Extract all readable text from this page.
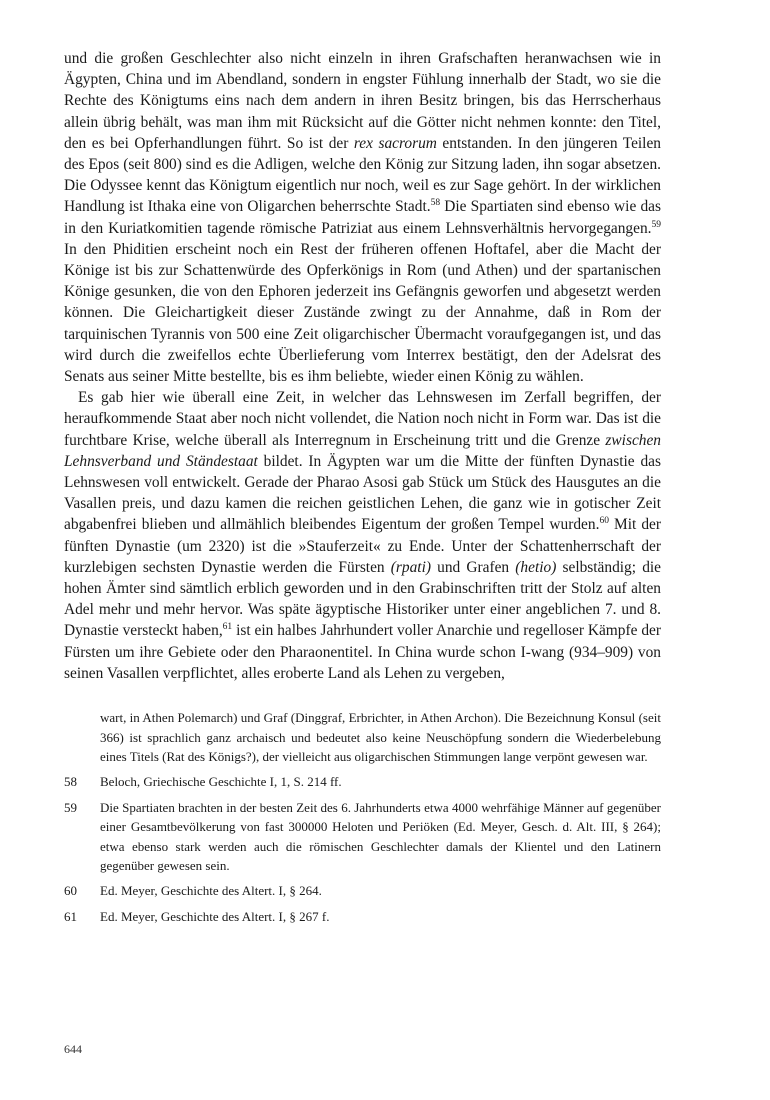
und die großen Geschlechter also nicht einzeln in ihren Grafschaften heranwachsen wie in Ägypten, China und im Abendland, sondern in engster Fühlung innerhalb der Stadt, wo sie die Rechte des Königtums eins nach dem andern in ihren Besitz bringen, bis das Herrscherhaus allein übrig behält, was man ihm mit Rücksicht auf die Götter nicht nehmen konnte: den Titel, den es bei Opferhandlungen führt. So ist der rex sacrorum entstanden. In den jüngeren Teilen des Epos (seit 800) sind es die Adligen, welche den König zur Sitzung laden, ihn sogar absetzen. Die Odyssee kennt das Königtum eigentlich nur noch, weil es zur Sage gehört. In der wirklichen Handlung ist Ithaka eine von Oligarchen beherrschte Stadt.$^{58}$ Die Spartiaten sind ebenso wie das in den Kuriatkomitien tagende römische Patriziat aus einem Lehnsverhältnis hervorgegangen.$^{59}$ In den Phiditien erscheint noch ein Rest der früheren offenen Hoftafel, aber die Macht der Könige ist bis zur Schattenwürde des Opferkönigs in Rom (und Athen) und der spartanischen Könige gesunken, die von den Ephoren jederzeit ins Gefängnis geworfen und abgesetzt werden können. Die Gleichartigkeit dieser Zustände zwingt zu der Annahme, daß in Rom der tarquinischen Tyrannis von 500 eine Zeit oligarchischer Übermacht voraufgegangen ist, und das wird durch die zweifellos echte Überlieferung vom Interrex bestätigt, den der Adelsrat des Senats aus seiner Mitte bestellte, bis es ihm beliebte, wieder einen König zu wählen.

Es gab hier wie überall eine Zeit, in welcher das Lehnswesen im Zerfall begriffen, der heraufkommende Staat aber noch nicht vollendet, die Nation noch nicht in Form war. Das ist die furchtbare Krise, welche überall als Interregnum in Erscheinung tritt und die Grenze zwischen Lehnsverband und Ständestaat bildet. In Ägypten war um die Mitte der fünften Dynastie das Lehnswesen voll entwickelt. Gerade der Pharao Asosi gab Stück um Stück des Hausgutes an die Vasallen preis, und dazu kamen die reichen geistlichen Lehen, die ganz wie in gotischer Zeit abgabenfrei blieben und allmählich bleibendes Eigentum der großen Tempel wurden.$^{60}$ Mit der fünften Dynastie (um 2320) ist die »Stauferzeit« zu Ende. Unter der Schattenherrschaft der kurzlebigen sechsten Dynastie werden die Fürsten (rpati) und Grafen (hetio) selbständig; die hohen Ämter sind sämtlich erblich geworden und in den Grabinschriften tritt der Stolz auf alten Adel mehr und mehr hervor. Was späte ägyptische Historiker unter einer angeblichen 7. und 8. Dynastie versteckt haben,$^{61}$ ist ein halbes Jahrhundert voller Anarchie und regelloser Kämpfe der Fürsten um ihre Gebiete oder den Pharaonentitel. In China wurde schon I-wang (934–909) von seinen Vasallen verpflichtet, alles eroberte Land als Lehen zu vergeben,

wart, in Athen Polemarch) und Graf (Dinggraf, Erbrichter, in Athen Archon). Die Bezeichnung Konsul (seit 366) ist sprachlich ganz archaisch und bedeutet also keine Neuschöpfung sondern die Wiederbelebung eines Titels (Rat des Königs?), der vielleicht aus oligarchischen Stimmungen lange verpönt gewesen war.
58	Beloch, Griechische Geschichte I, 1, S. 214 ff.
59	Die Spartiaten brachten in der besten Zeit des 6. Jahrhunderts etwa 4000 wehrfähige Männer auf gegenüber einer Gesamtbevölkerung von fast 300000 Heloten und Periöken (Ed. Meyer, Gesch. d. Alt. III, § 264); etwa ebenso stark werden auch die römischen Geschlechter damals der Klientel und den Latinern gegenüber gewesen sein.
60	Ed. Meyer, Geschichte des Altert. I, § 264.
61	Ed. Meyer, Geschichte des Altert. I, § 267 f.
644
